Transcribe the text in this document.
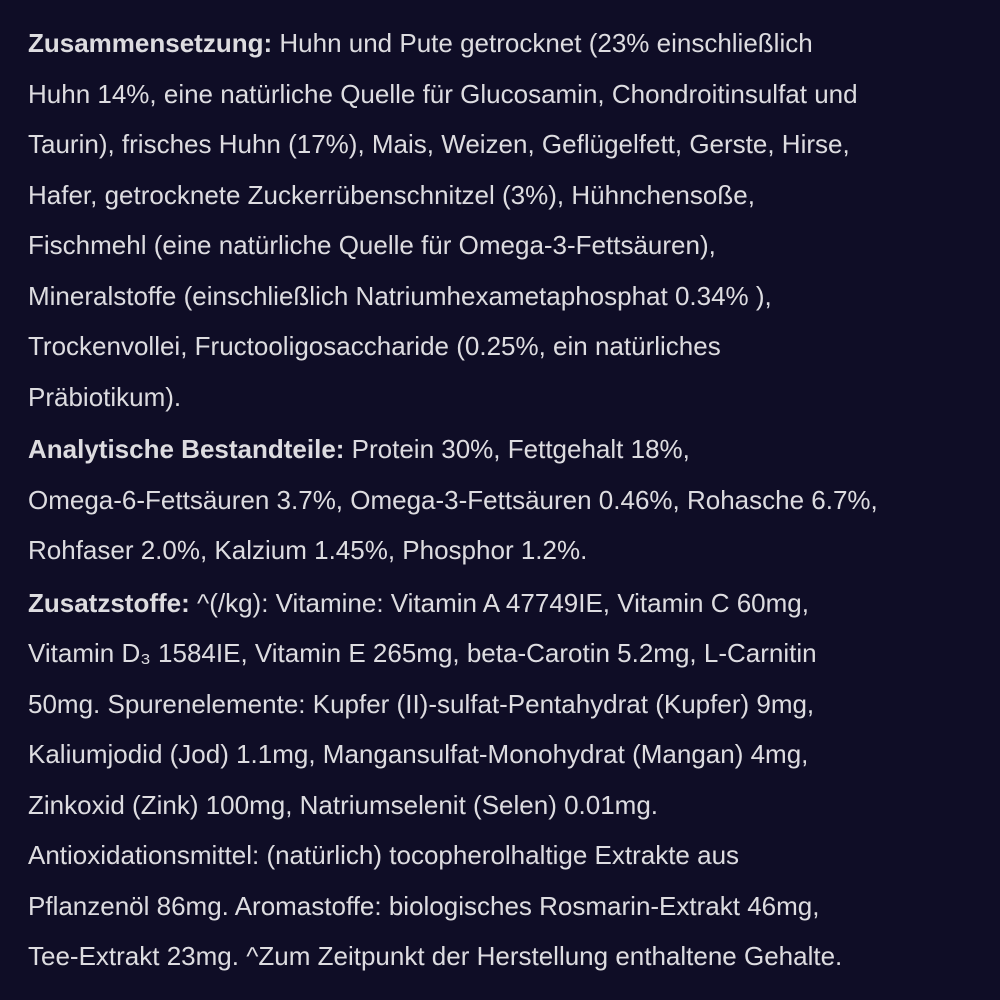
Zusammensetzung: Huhn und Pute getrocknet (23% einschließlich
Huhn 14%, eine natürliche Quelle für Glucosamin, Chondroitinsulfat und
Taurin), frisches Huhn (17%), Mais, Weizen, Geflügelfett, Gerste, Hirse,
Hafer, getrocknete Zuckerrübenschnitzel (3%), Hühnchensoße,
Fischmehl (eine natürliche Quelle für Omega-3-Fettsäuren),
Mineralstoffe (einschließlich Natriumhexametaphosphat 0.34% ),
Trockenvollei, Fructooligosaccharide (0.25%, ein natürliches
Präbiotikum).

Analytische Bestandteile: Protein 30%, Fettgehalt 18%,
Omega-6-Fettsäuren 3.7%, Omega-3-Fettsäuren 0.46%, Rohasche 6.7%,
Rohfaser 2.0%, Kalzium 1.45%, Phosphor 1.2%.

Zusatzstoffe: ^(/kg): Vitamine: Vitamin A 47749IE, Vitamin C 60mg,
Vitamin D₃ 1584IE, Vitamin E 265mg, beta-Carotin 5.2mg, L-Carnitin
50mg. Spurenelemente: Kupfer (II)-sulfat-Pentahydrat (Kupfer) 9mg,
Kaliumjodid (Jod) 1.1mg, Mangansulfat-Monohydrat (Mangan) 4mg,
Zinkoxid (Zink) 100mg, Natriumselenit (Selen) 0.01mg.
Antioxidationsmittel: (natürlich) tocopherolhaltige Extrakte aus
Pflanzenöl 86mg. Aromastoffe: biologisches Rosmarin-Extrakt 46mg,
Tee-Extrakt 23mg. ^Zum Zeitpunkt der Herstellung enthaltene Gehalte.
